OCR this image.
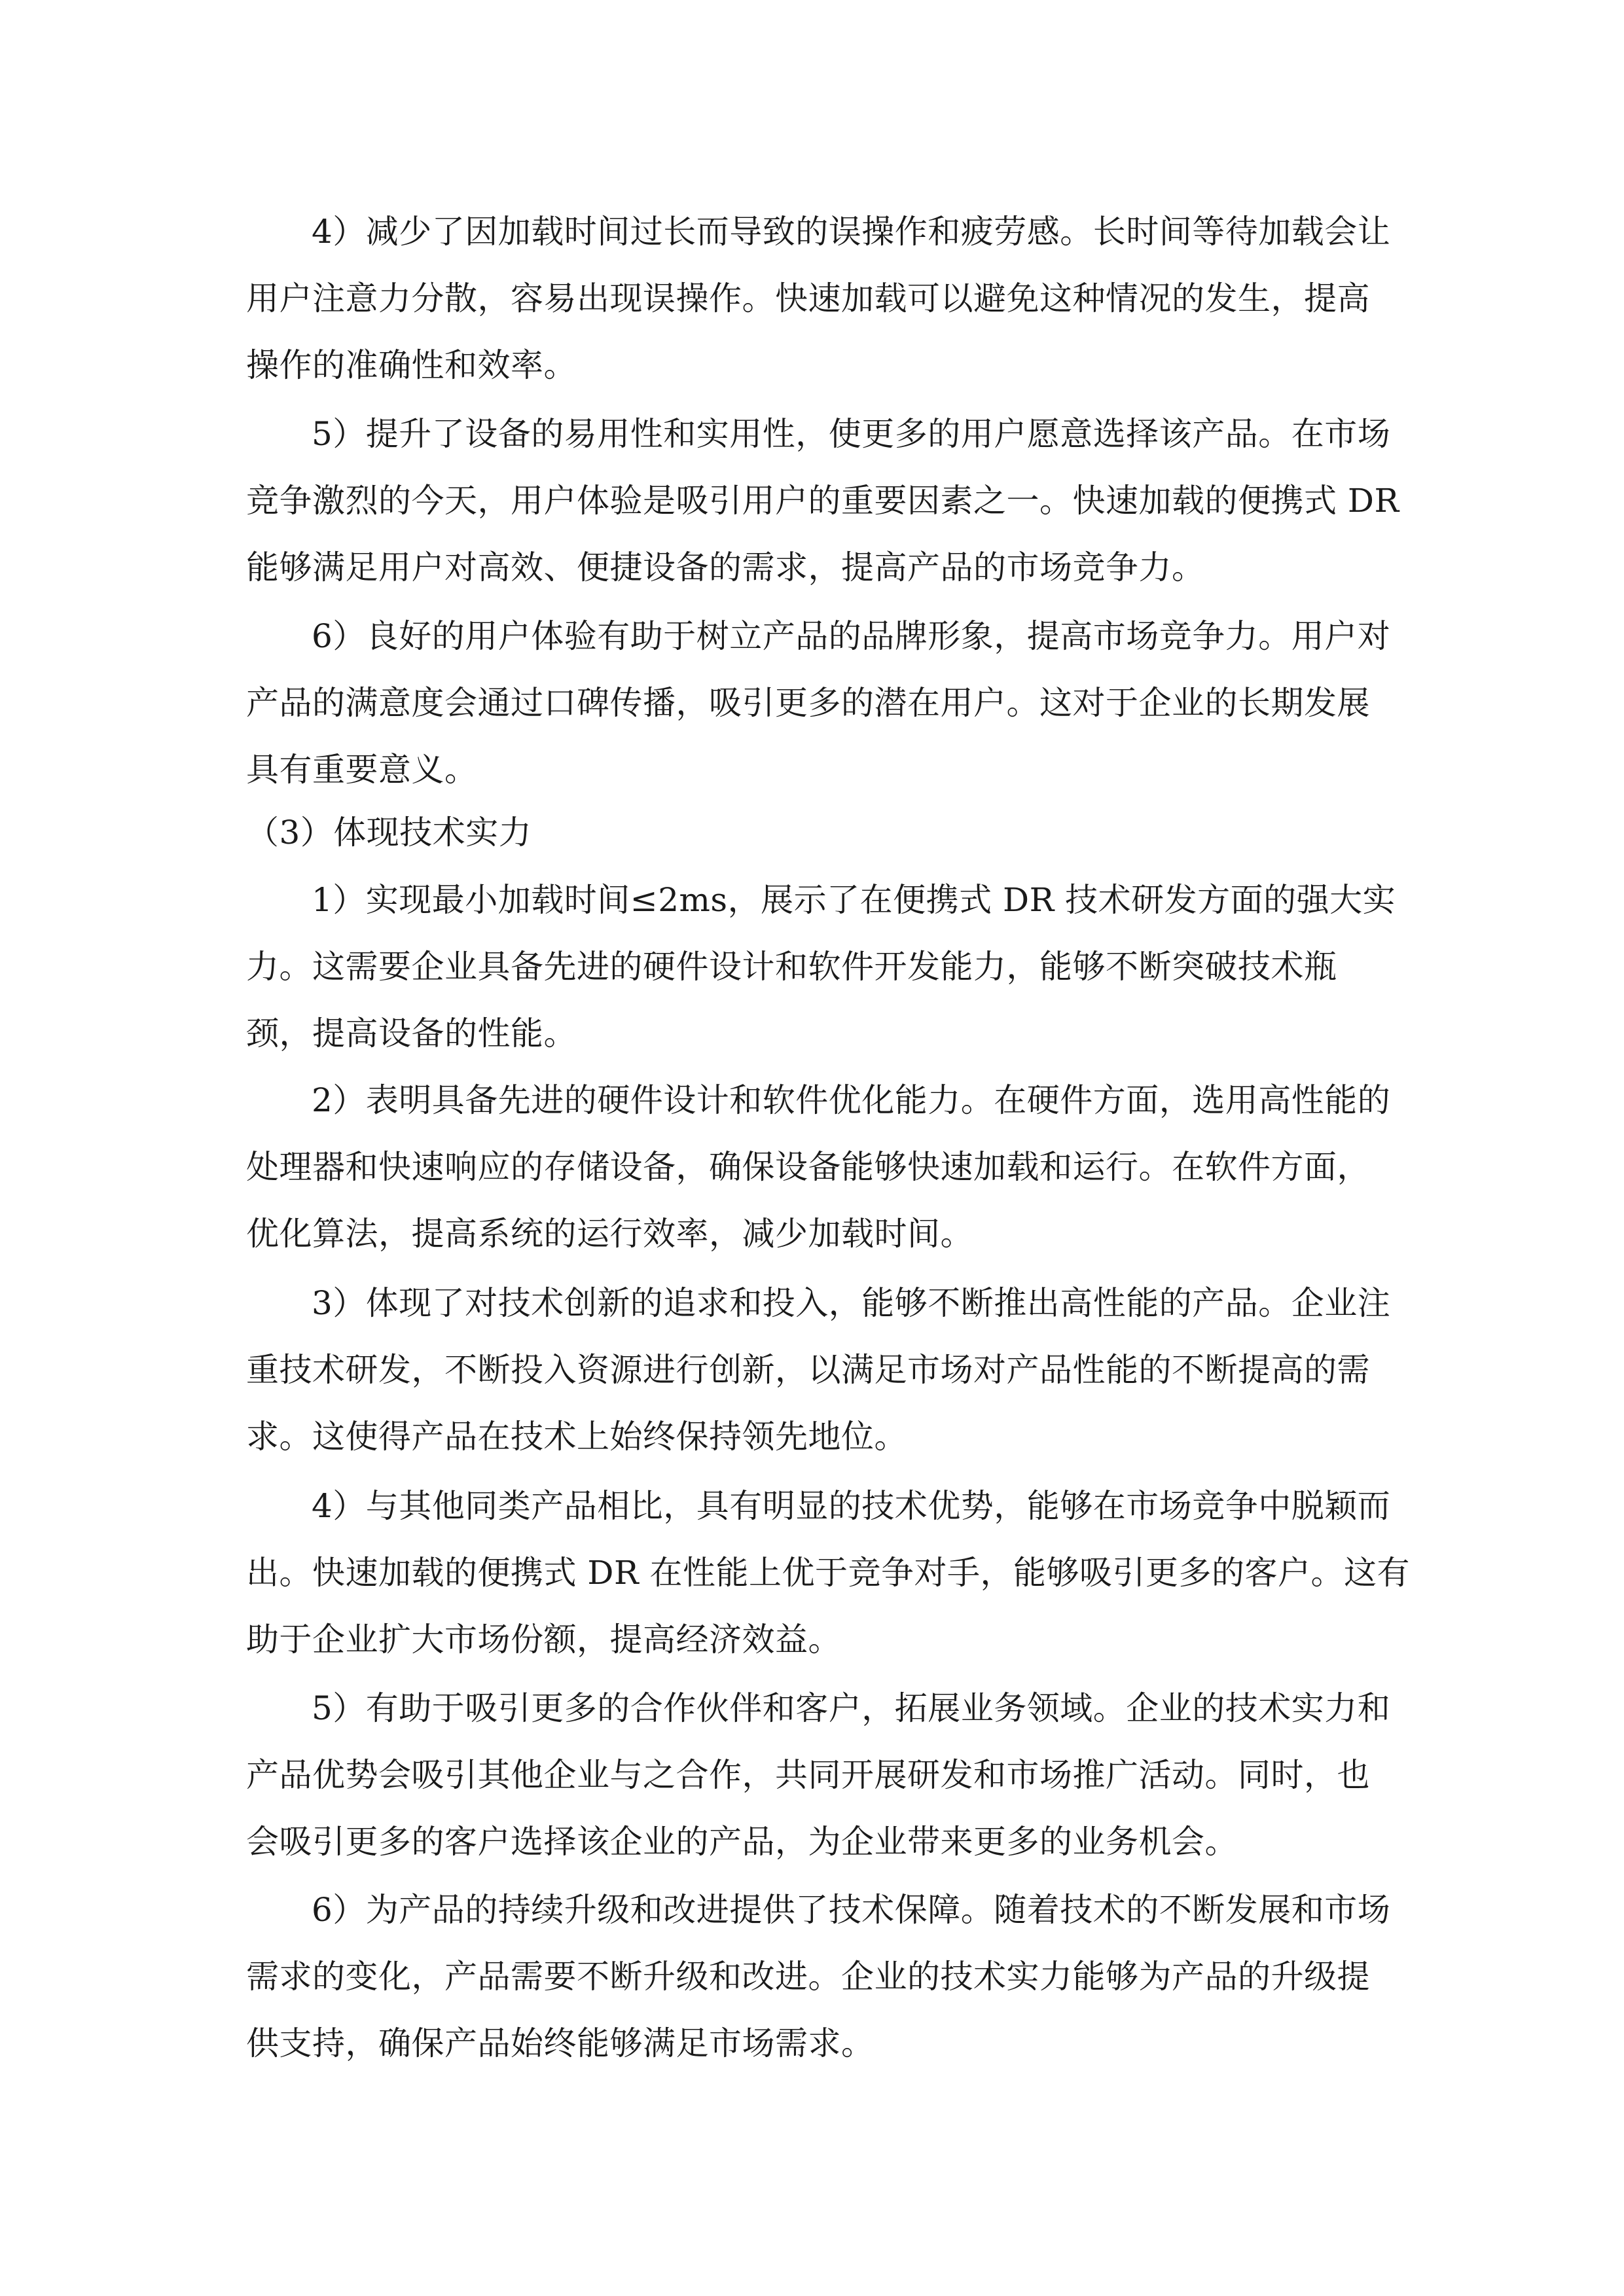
4）减少了因加载时间过长而导致的误操作和疲劳感。长时间等待加载会让
用户注意力分散，容易出现误操作。快速加载可以避免这种情况的发生，提高
操作的准确性和效率。
5）提升了设备的易用性和实用性，使更多的用户愿意选择该产品。在市场
竞争激烈的今天，用户体验是吸引用户的重要因素之一。快速加载的便携式 DR
能够满足用户对高效、便捷设备的需求，提高产品的市场竞争力。
6）良好的用户体验有助于树立产品的品牌形象，提高市场竞争力。用户对
产品的满意度会通过口碑传播，吸引更多的潜在用户。这对于企业的长期发展
具有重要意义。
（3）体现技术实力
1）实现最小加载时间≤2ms，展示了在便携式 DR 技术研发方面的强大实
力。这需要企业具备先进的硬件设计和软件开发能力，能够不断突破技术瓶
颈，提高设备的性能。
2）表明具备先进的硬件设计和软件优化能力。在硬件方面，选用高性能的
处理器和快速响应的存储设备，确保设备能够快速加载和运行。在软件方面，
优化算法，提高系统的运行效率，减少加载时间。
3）体现了对技术创新的追求和投入，能够不断推出高性能的产品。企业注
重技术研发，不断投入资源进行创新，以满足市场对产品性能的不断提高的需
求。这使得产品在技术上始终保持领先地位。
4）与其他同类产品相比，具有明显的技术优势，能够在市场竞争中脱颖而
出。快速加载的便携式 DR 在性能上优于竞争对手，能够吸引更多的客户。这有
助于企业扩大市场份额，提高经济效益。
5）有助于吸引更多的合作伙伴和客户，拓展业务领域。企业的技术实力和
产品优势会吸引其他企业与之合作，共同开展研发和市场推广活动。同时，也
会吸引更多的客户选择该企业的产品，为企业带来更多的业务机会。
6）为产品的持续升级和改进提供了技术保障。随着技术的不断发展和市场
需求的变化，产品需要不断升级和改进。企业的技术实力能够为产品的升级提
供支持，确保产品始终能够满足市场需求。
